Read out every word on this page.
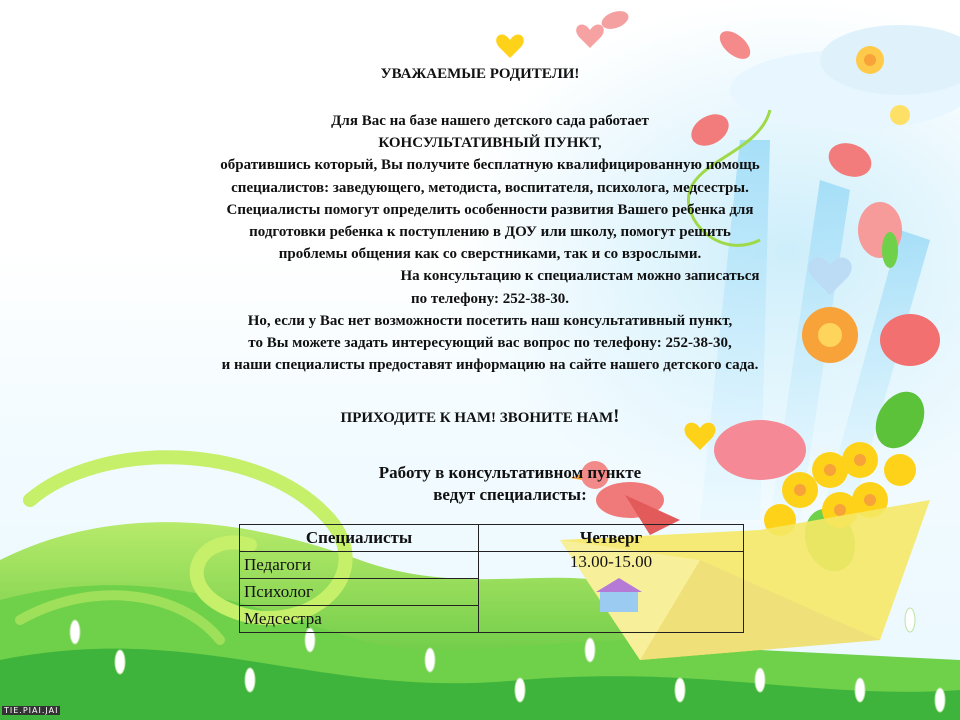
УВАЖАЕМЫЕ РОДИТЕЛИ!
Для Вас на базе нашего детского сада работает
КОНСУЛЬТАТИВНЫЙ ПУНКТ,
обратившись который, Вы получите бесплатную квалифицированную помощь
специалистов: заведующего, методиста, воспитателя, психолога, медсестры.
Специалисты помогут определить особенности развития Вашего ребенка для
подготовки ребенка к поступлению в ДОУ или школу, помогут решить
проблемы общения как со сверстниками, так и со взрослыми.
На консультацию к специалистам можно записаться
по телефону: 252-38-30.
Но, если у Вас нет возможности посетить наш консультативный пункт,
то Вы можете задать интересующий вас вопрос по телефону: 252-38-30,
и наши специалисты предоставят информацию на сайте нашего детского сада.
ПРИХОДИТЕ К НАМ! ЗВОНИТЕ НАМ!
Работу в консультативном пункте
ведут специалисты:
Специалисты	Четверг
Педагоги	13.00-15.00
Психолог	
Медсестра	
TIE.PIAI.JAI
